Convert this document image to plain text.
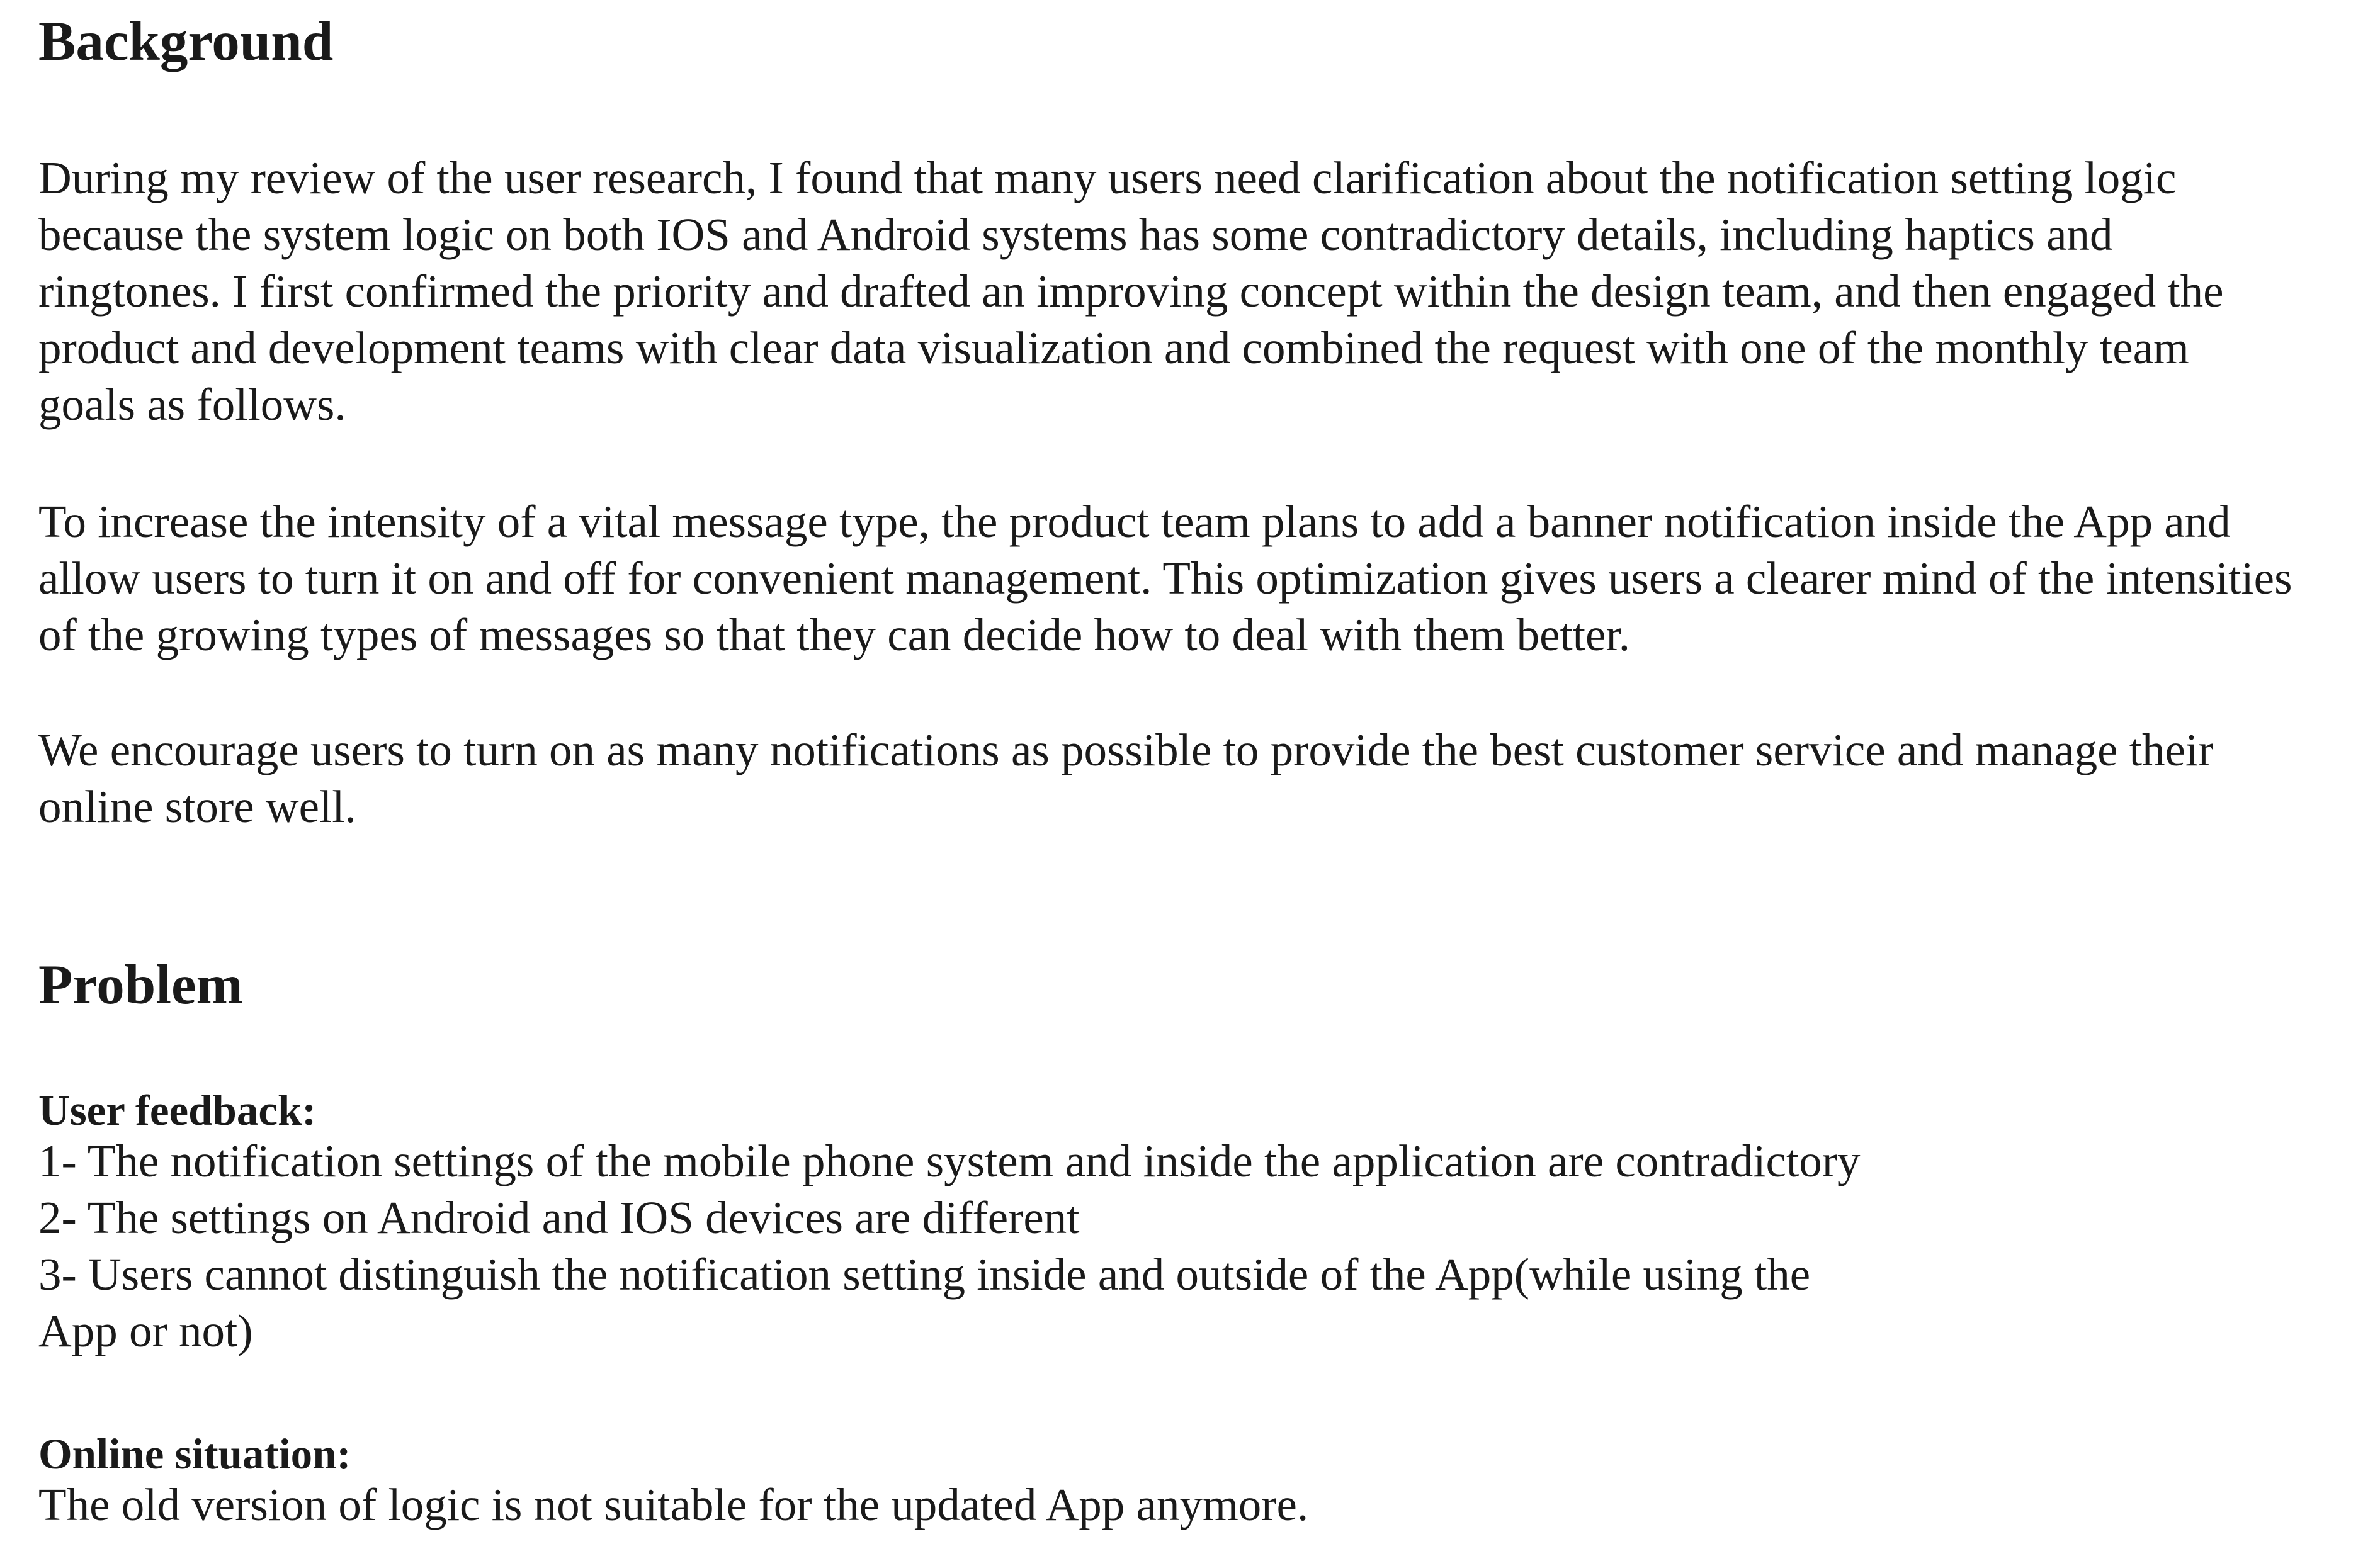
Background

During my review of the user research, I found that many users need clarification about the notification setting logic
because the system logic on both IOS and Android systems has some contradictory details, including haptics and
ringtones. I first confirmed the priority and drafted an improving concept within the design team, and then engaged the
product and development teams with clear data visualization and combined the request with one of the monthly team
goals as follows.

To increase the intensity of a vital message type, the product team plans to add a banner notification inside the App and
allow users to turn it on and off for convenient management. This optimization gives users a clearer mind of the intensities
of the growing types of messages so that they can decide how to deal with them better.

We encourage users to turn on as many notifications as possible to provide the best customer service and manage their
online store well.

Problem
User feedback:

1- The notification settings of the mobile phone system and inside the application are contradictory
2- The settings on Android and IOS devices are different
3- Users cannot distinguish the notification setting inside and outside of the App(while using the
App or not)

Online situation:

The old version of logic is not suitable for the updated App anymore.
